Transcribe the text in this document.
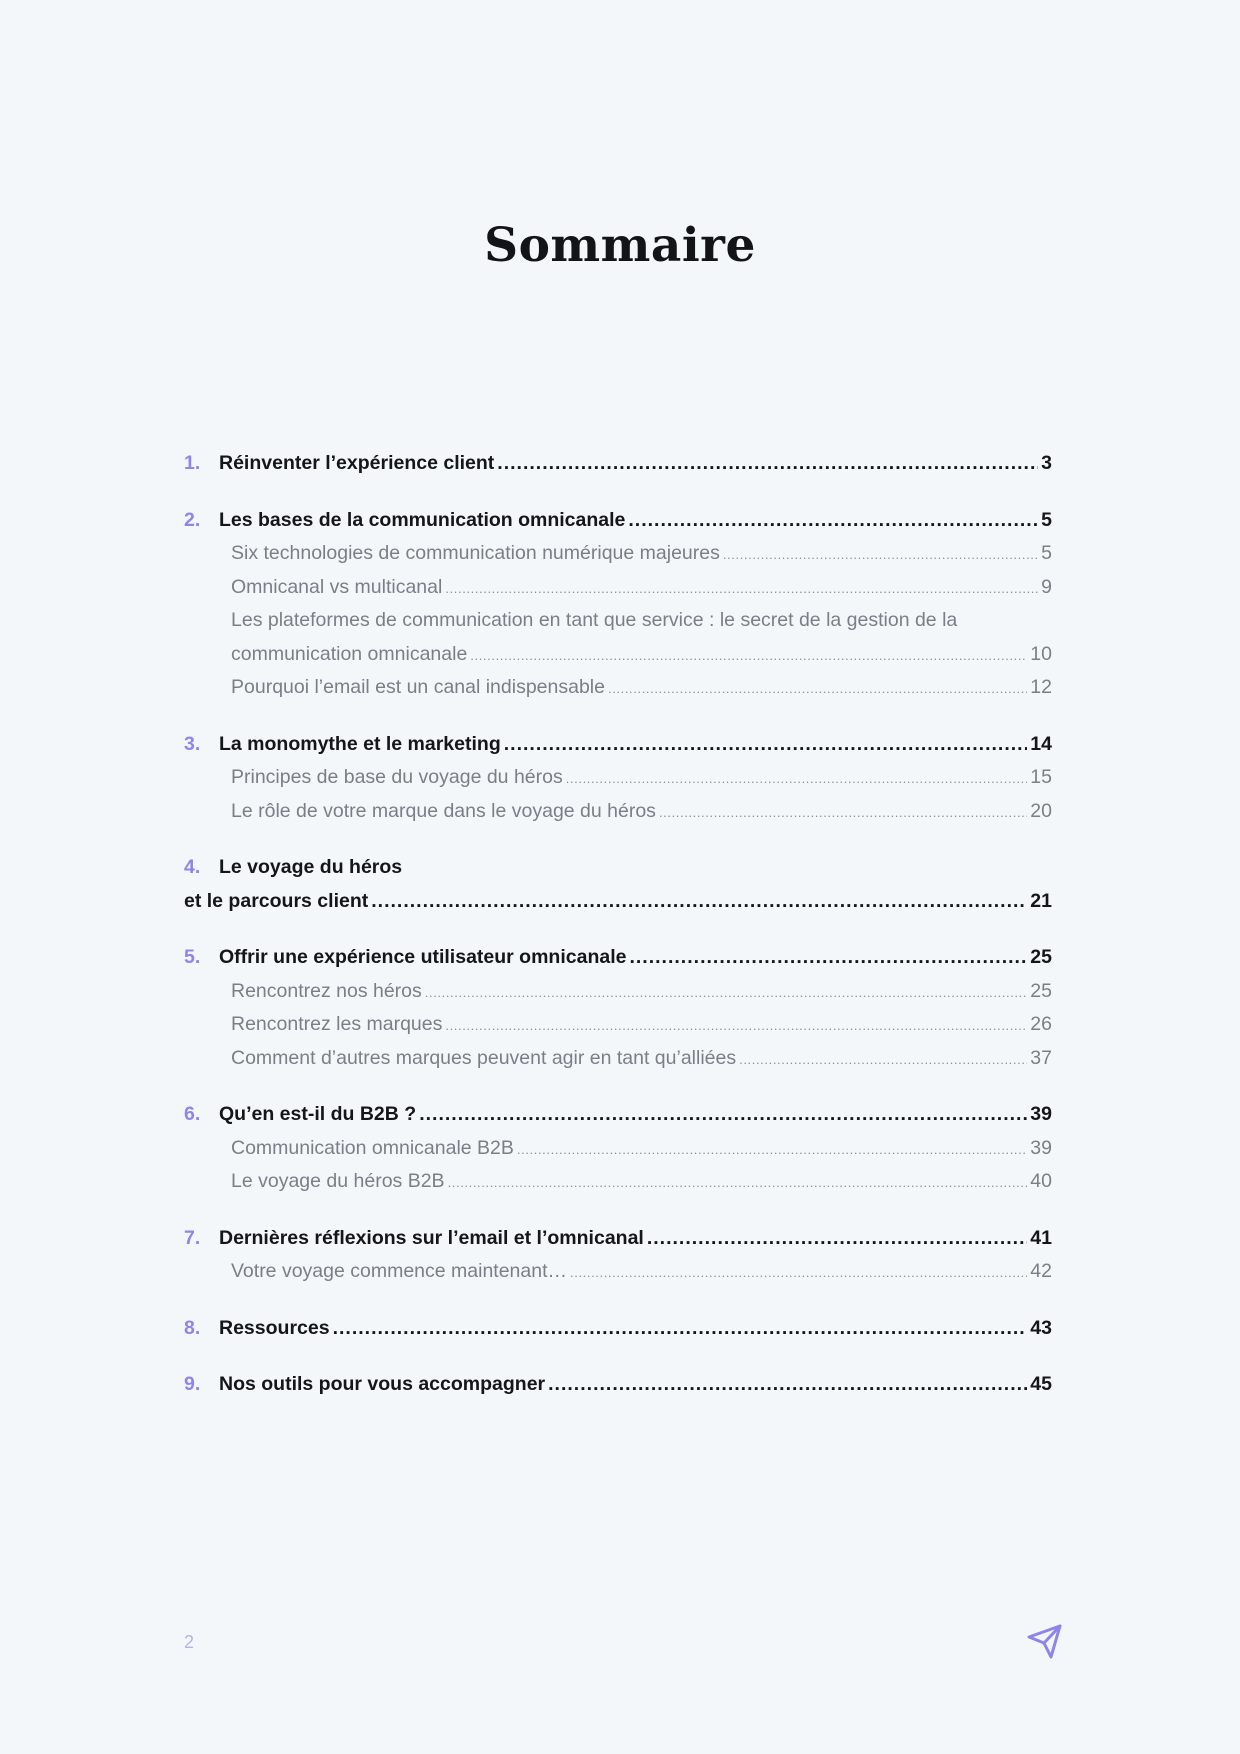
Sommaire
1. Réinventer l’expérience client .....	3
2. Les bases de la communication omnicanale .....	5
Six technologies de communication numérique majeures .....	5
Omnicanal vs multicanal .....	9
Les plateformes de communication en tant que service : le secret de la gestion de la
communication omnicanale .....	10
Pourquoi l’email est un canal indispensable .....	12
3. La monomythe et le marketing .....	14
Principes de base du voyage du héros .....	15
Le rôle de votre marque dans le voyage du héros .....	20
4. Le voyage du héros
et le parcours client .....	21
5. Offrir une expérience utilisateur omnicanale .....	25
Rencontrez nos héros .....	25
Rencontrez les marques .....	26
Comment d’autres marques peuvent agir en tant qu’alliées .....	37
6. Qu’en est-il du B2B ? .....	39
Communication omnicanale B2B .....	39
Le voyage du héros B2B .....	40
7. Dernières réflexions sur l’email et l’omnicanal .....	41
Votre voyage commence maintenant… .....	42
8. Ressources .....	43
9. Nos outils pour vous accompagner .....	45
2
